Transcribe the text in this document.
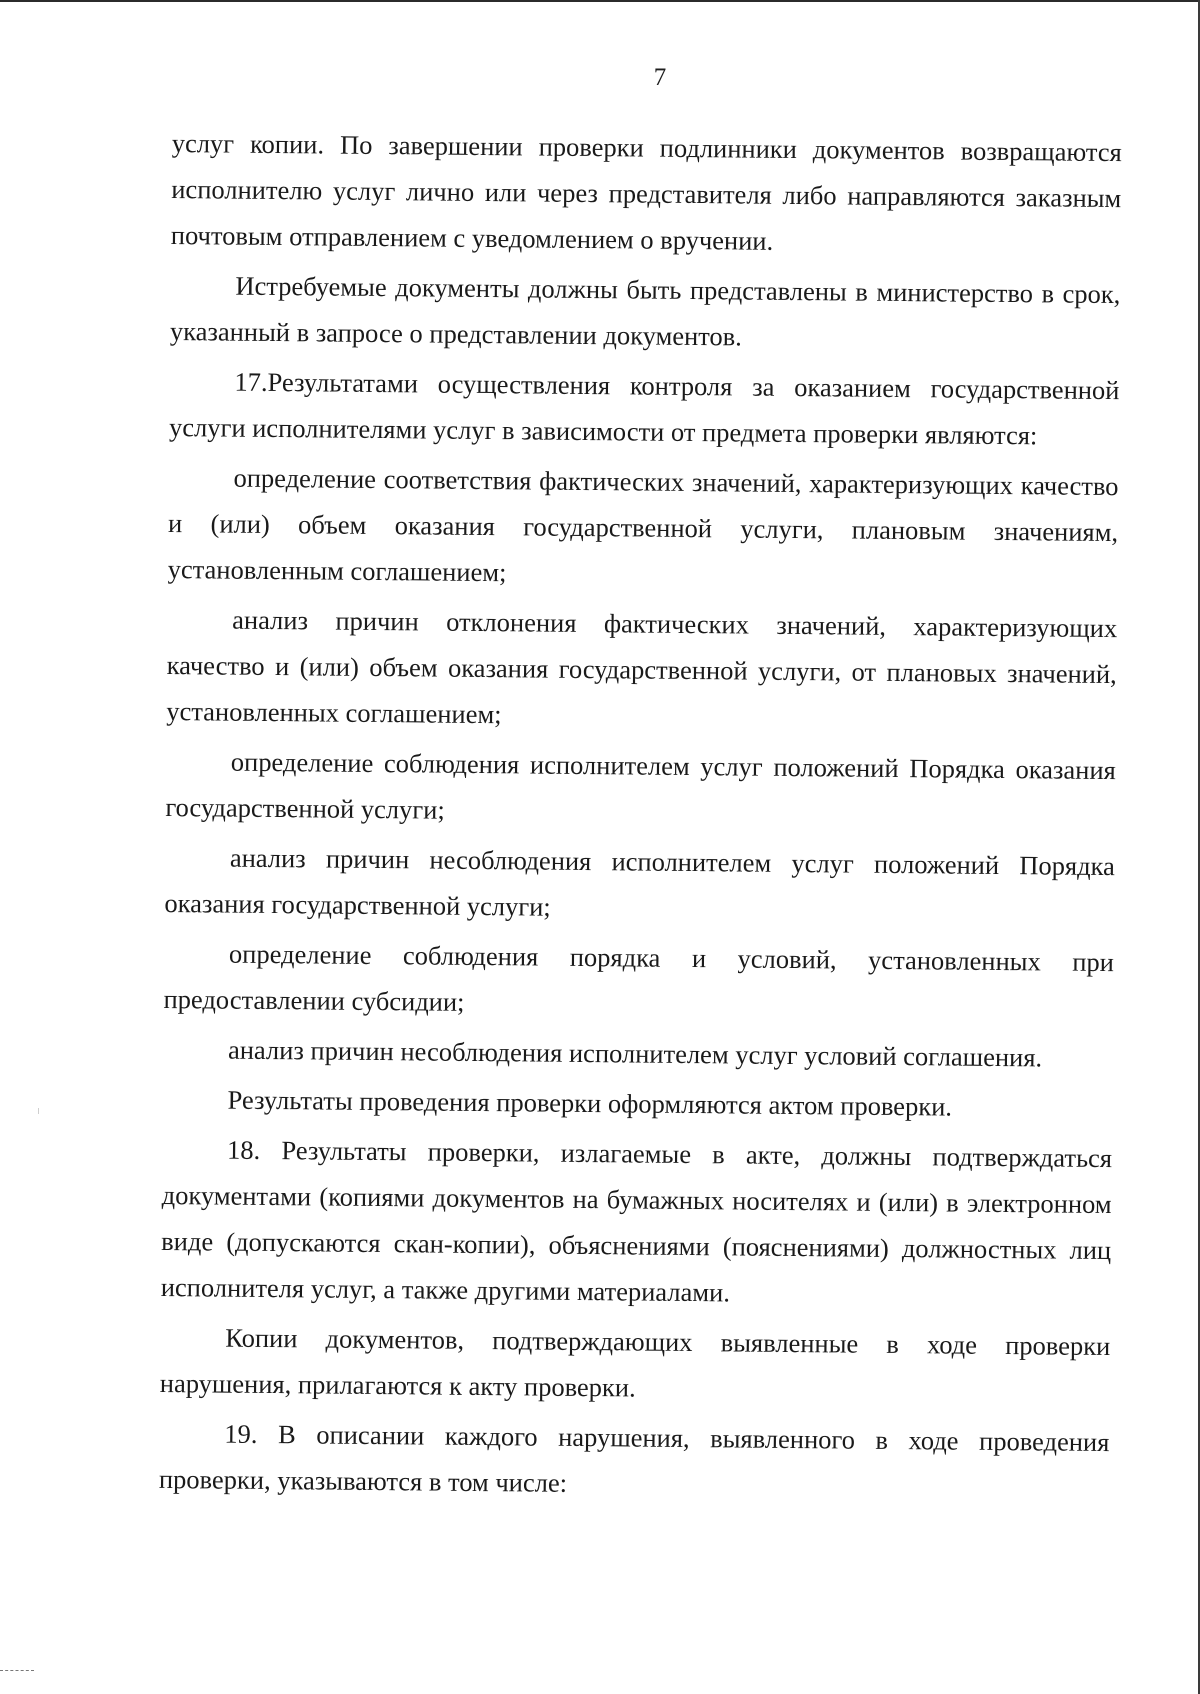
7

услуг копии. По завершении проверки подлинники документов возвращаются исполнителю услуг лично или через представителя либо направляются заказным почтовым отправлением с уведомлением о вручении.

Истребуемые документы должны быть представлены в министерство в срок, указанный в запросе о представлении документов.

17.Результатами осуществления контроля за оказанием государственной услуги исполнителями услуг в зависимости от предмета проверки являются:

определение соответствия фактических значений, характеризующих качество и (или) объем оказания государственной услуги, плановым значениям, установленным соглашением;

анализ причин отклонения фактических значений, характеризующих качество и (или) объем оказания государственной услуги, от плановых значений, установленных соглашением;

определение соблюдения исполнителем услуг положений Порядка оказания государственной услуги;

анализ причин несоблюдения исполнителем услуг положений Порядка оказания государственной услуги;

определение соблюдения порядка и условий, установленных при предоставлении субсидии;

анализ причин несоблюдения исполнителем услуг условий соглашения.

Результаты проведения проверки оформляются актом проверки.

18. Результаты проверки, излагаемые в акте, должны подтверждаться документами (копиями документов на бумажных носителях и (или) в электронном виде (допускаются скан-копии), объяснениями (пояснениями) должностных лиц исполнителя услуг, а также другими материалами.

Копии документов, подтверждающих выявленные в ходе проверки нарушения, прилагаются к акту проверки.

19. В описании каждого нарушения, выявленного в ходе проведения проверки, указываются в том числе:
